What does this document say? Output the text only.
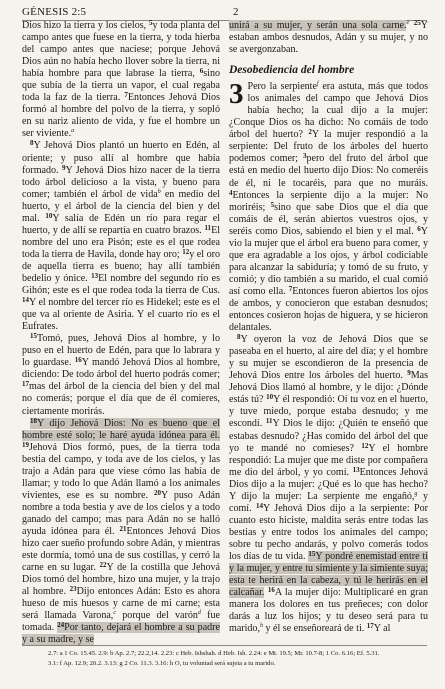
GÉNESIS 2:5	2

Dios hizo la tierra y los cielos, $^5$y toda planta del campo antes que fuese en la tierra, y toda hierba del campo antes que naciese; porque Jehová Dios aún no había hecho llover sobre la tierra, ni había hombre para que labrase la tierra, $^6$sino que subía de la tierra un vapor, el cual regaba toda la faz de la tierra. $^7$Entonces Jehová Dios formó al hombre del polvo de la tierra, y sopló en su nariz aliento de vida, y fue el hombre un ser viviente.$^a$
$^8$Y Jehová Dios plantó un huerto en Edén, al oriente; y puso allí al hombre que había formado. $^9$Y Jehová Dios hizo nacer de la tierra todo árbol delicioso a la vista, y bueno para comer; también el árbol de vida$^b$ en medio del huerto, y el árbol de la ciencia del bien y del mal. $^{10}$Y salía de Edén un río para regar el huerto, y de allí se repartía en cuatro brazos. $^{11}$El nombre del uno era Pisón; este es el que rodea toda la tierra de Havila, donde hay oro; $^{12}$y el oro de aquella tierra es bueno; hay allí también bedelio y ónice. $^{13}$El nombre del segundo río es Gihón; este es el que rodea toda la tierra de Cus. $^{14}$Y el nombre del tercer río es Hidekel; este es el que va al oriente de Asiria. Y el cuarto río es el Eufrates.
$^{15}$Tomó, pues, Jehová Dios al hombre, y lo puso en el huerto de Edén, para que lo labrara y lo guardase. $^{16}$Y mandó Jehová Dios al hombre, diciendo: De todo árbol del huerto podrás comer; $^{17}$mas del árbol de la ciencia del bien y del mal no comerás; porque el día que de él comieres, ciertamente morirás.
$^{18}$Y dijo Jehová Dios: No es bueno que el hombre esté solo; le haré ayuda idónea para él. $^{19}$Jehová Dios formó, pues, de la tierra toda bestia del campo, y toda ave de los cielos, y las trajo a Adán para que viese cómo las había de llamar; y todo lo que Adán llamó a los animales vivientes, ese es su nombre. $^{20}$Y puso Adán nombre a toda bestia y ave de los cielos y a todo ganado del campo; mas para Adán no se halló ayuda idónea para él. $^{21}$Entonces Jehová Dios hizo caer sueño profundo sobre Adán, y mientras este dormía, tomó una de sus costillas, y cerró la carne en su lugar. $^{22}$Y de la costilla que Jehová Dios tomó del hombre, hizo una mujer, y la trajo al hombre. $^{23}$Dijo entonces Adán: Esto es ahora hueso de mis huesos y carne de mi carne; esta será llamada Varona,$^c$ porque del varón$^d$ fue tomada. $^{24}$Por tanto, dejará el hombre a su padre y a su madre, y se

unirá a su mujer, y serán una sola carne.$^e$ $^{25}$Y estaban ambos desnudos, Adán y su mujer, y no se avergonzaban.

Desobediencia del hombre

3 Pero la serpiente$^f$ era astuta, más que todos los animales del campo que Jehová Dios había hecho; la cual dijo a la mujer: ¿Conque Dios os ha dicho: No comáis de todo árbol del huerto? $^2$Y la mujer respondió a la serpiente: Del fruto de los árboles del huerto podemos comer; $^3$pero del fruto del árbol que está en medio del huerto dijo Dios: No comeréis de él, ni le tocaréis, para que no muráis. $^4$Entonces la serpiente dijo a la mujer: No moriréis; $^5$sino que sabe Dios que el día que comáis de él, serán abiertos vuestros ojos, y seréis como Dios, sabiendo el bien y el mal. $^6$Y vio la mujer que el árbol era bueno para comer, y que era agradable a los ojos, y árbol codiciable para alcanzar la sabiduría; y tomó de su fruto, y comió; y dio también a su marido, el cual comió así como ella. $^7$Entonces fueron abiertos los ojos de ambos, y conocieron que estaban desnudos; entonces cosieron hojas de higuera, y se hicieron delantales.
$^8$Y oyeron la voz de Jehová Dios que se paseaba en el huerto, al aire del día; y el hombre y su mujer se escondieron de la presencia de Jehová Dios entre los árboles del huerto. $^9$Mas Jehová Dios llamó al hombre, y le dijo: ¿Dónde estás tú? $^{10}$Y él respondió: Oí tu voz en el huerto, y tuve miedo, porque estaba desnudo; y me escondí. $^{11}$Y Dios le dijo: ¿Quién te enseñó que estabas desnudo? ¿Has comido del árbol del que yo te mandé no comieses? $^{12}$Y el hombre respondió: La mujer que me diste por compañera me dio del árbol, y yo comí. $^{13}$Entonces Jehová Dios dijo a la mujer: ¿Qué es lo que has hecho? Y dijo la mujer: La serpiente me engañó,$^g$ y comí. $^{14}$Y Jehová Dios dijo a la serpiente: Por cuanto esto hiciste, maldita serás entre todas las bestias y entre todos los animales del campo; sobre tu pecho andarás, y polvo comerás todos los días de tu vida. $^{15}$Y pondré enemistad entre ti y la mujer, y entre tu simiente y la simiente suya; esta te herirá en la cabeza, y tú le herirás en el calcañar. $^{16}$A la mujer dijo: Multiplicaré en gran manera los dolores en tus preñeces; con dolor darás a luz los hijos; y tu deseo será para tu marido,$^h$ y él se enseñoreará de ti. $^{17}$Y al

2.7: a 1 Co. 15.45. 2.9: b Ap. 2.7; 22.2,14. 2.23: c Heb. Ishshah. d Heb. Ish. 2.24: e Mt. 19.5; Mr. 10.7-8; 1 Co. 6.16; Ef. 5.31.
3.1: f Ap. 12.9; 20.2. 3.13: g 2 Co. 11.3. 3.16: h O, tu voluntad será sujeta a tu marido.
